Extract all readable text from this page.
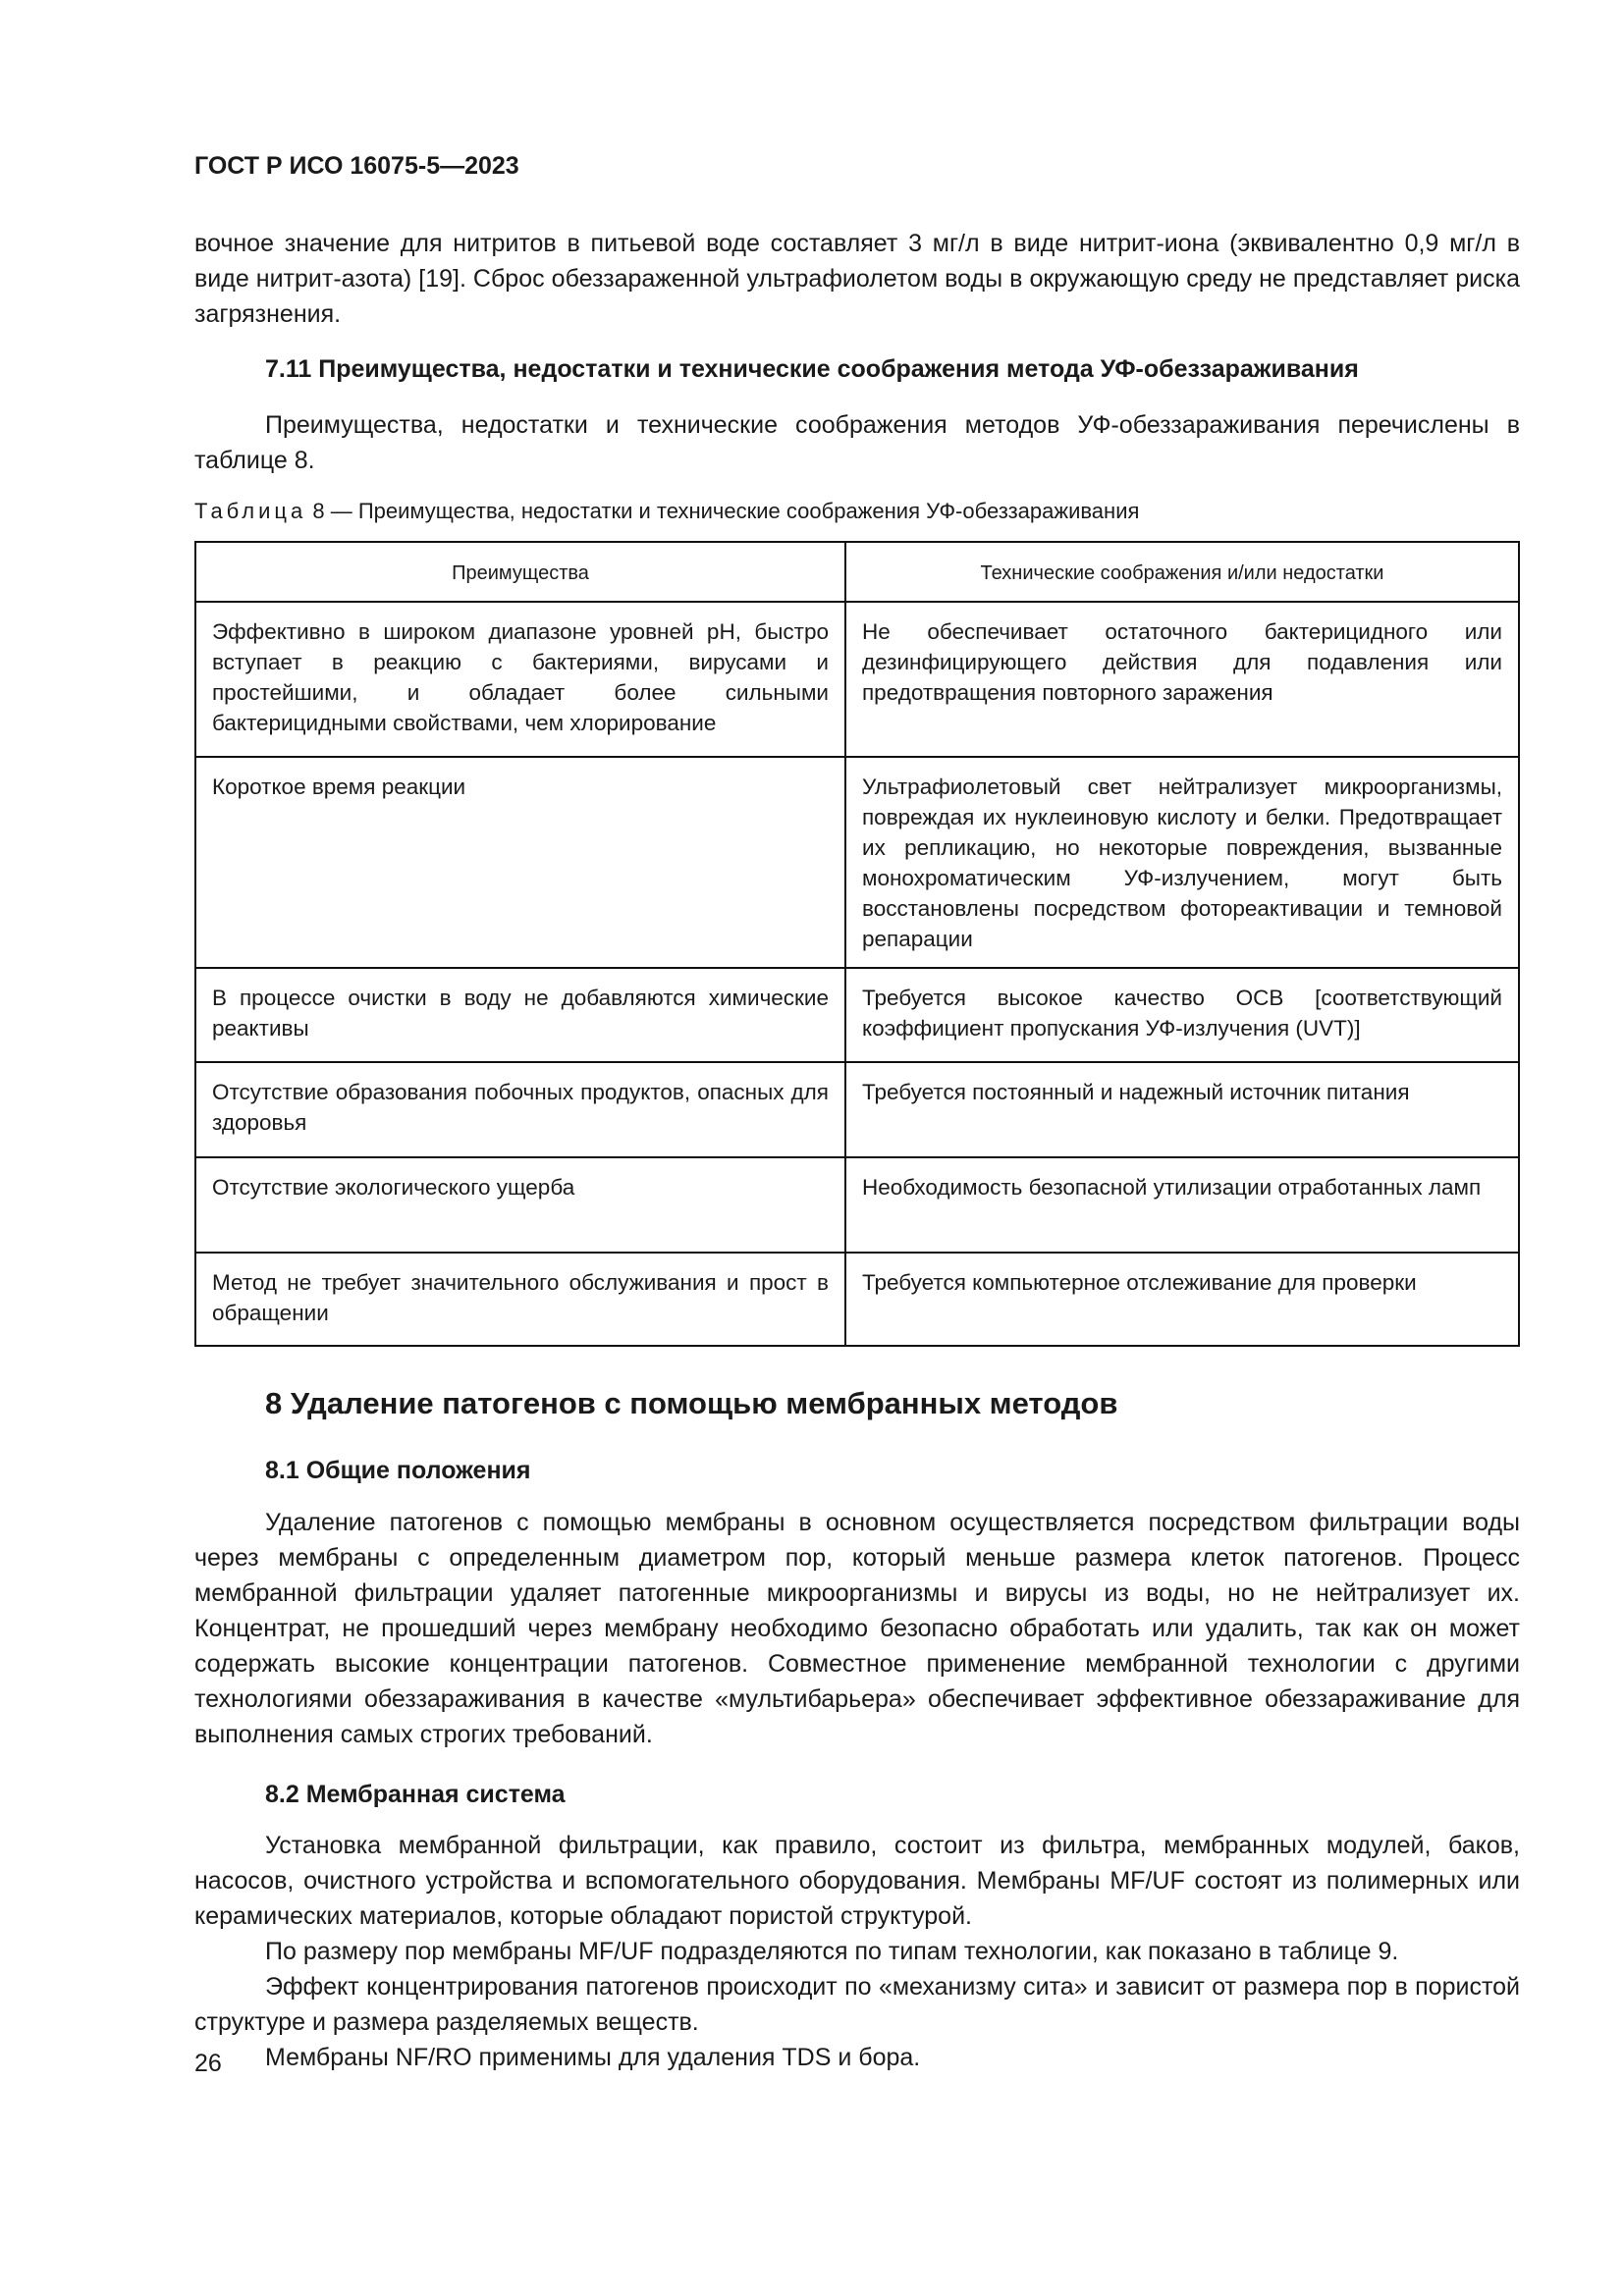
ГОСТ Р ИСО 16075-5—2023

вочное значение для нитритов в питьевой воде составляет 3 мг/л в виде нитрит-иона (эквивалентно 0,9 мг/л в виде нитрит-азота) [19]. Сброс обеззараженной ультрафиолетом воды в окружающую среду не представляет риска загрязнения.

7.11 Преимущества, недостатки и технические соображения метода УФ-обеззараживания

Преимущества, недостатки и технические соображения методов УФ-обеззараживания перечислены в таблице 8.

Таблица 8 — Преимущества, недостатки и технические соображения УФ-обеззараживания
Преимущества	Технические соображения и/или недостатки
Эффективно в широком диапазоне уровней pH, быстро вступает в реакцию с бактериями, вирусами и простейшими, и обладает более сильными бактерицидными свойствами, чем хлорирование	Не обеспечивает остаточного бактерицидного или дезинфицирующего действия для подавления или предотвращения повторного заражения
Короткое время реакции	Ультрафиолетовый свет нейтрализует микроорганизмы, повреждая их нуклеиновую кислоту и белки. Предотвращает их репликацию, но некоторые повреждения, вызванные монохроматическим УФ-излучением, могут быть восстановлены посредством фотореактивации и темновой репарации
В процессе очистки в воду не добавляются химические реактивы	Требуется высокое качество ОСВ [соответствующий коэффициент пропускания УФ-излучения (UVT)]
Отсутствие образования побочных продуктов, опасных для здоровья	Требуется постоянный и надежный источник питания
Отсутствие экологического ущерба	Необходимость безопасной утилизации отработанных ламп
Метод не требует значительного обслуживания и прост в обращении	Требуется компьютерное отслеживание для проверки
8 Удаление патогенов с помощью мембранных методов
8.1 Общие положения

Удаление патогенов с помощью мембраны в основном осуществляется посредством фильтрации воды через мембраны с определенным диаметром пор, который меньше размера клеток патогенов. Процесс мембранной фильтрации удаляет патогенные микроорганизмы и вирусы из воды, но не нейтрализует их. Концентрат, не прошедший через мембрану необходимо безопасно обработать или удалить, так как он может содержать высокие концентрации патогенов. Совместное применение мембранной технологии с другими технологиями обеззараживания в качестве «мультибарьера» обеспечивает эффективное обеззараживание для выполнения самых строгих требований.

8.2 Мембранная система

Установка мембранной фильтрации, как правило, состоит из фильтра, мембранных модулей, баков, насосов, очистного устройства и вспомогательного оборудования. Мембраны MF/UF состоят из полимерных или керамических материалов, которые обладают пористой структурой.

По размеру пор мембраны MF/UF подразделяются по типам технологии, как показано в таблице 9.

Эффект концентрирования патогенов происходит по «механизму сита» и зависит от размера пор в пористой структуре и размера разделяемых веществ.

Мембраны NF/RO применимы для удаления TDS и бора.

26
